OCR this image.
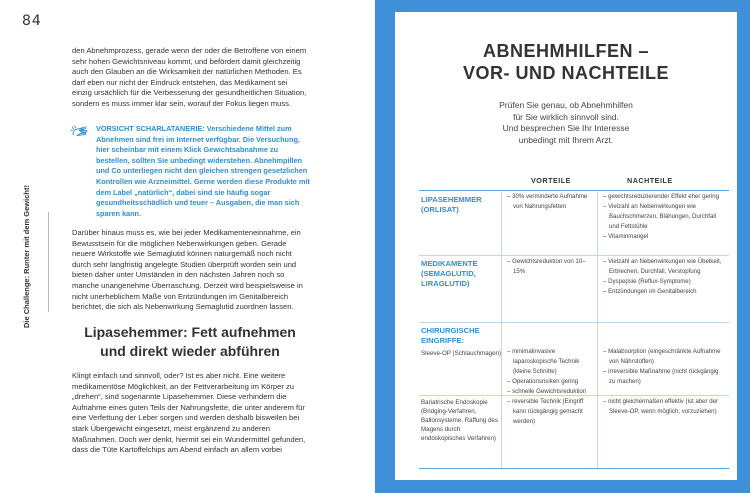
84
Die Challenge: Runter mit dem Gewicht!

den Abnehmprozess, gerade wenn der oder die Betroffene von einem sehr hohen Gewichtsniveau kommt, und befördert damit gleichzeitig auch den Glauben an die Wirksamkeit der natürlichen Methoden. Es darf eben nur nicht der Eindruck entstehen, das Medikament sei einzig ursächlich für die Verbesserung der gesundheitlichen Situation, sondern es muss immer klar sein, worauf der Fokus liegen muss.

VORSICHT SCHARLATANERIE: Verschiedene Mittel zum Abnehmen sind frei im Internet verfügbar. Die Versuchung, hier scheinbar mit einem Klick Gewichtsabnahme zu bestellen, sollten Sie unbedingt widerstehen. Abnehmpillen und Co unterliegen nicht den gleichen strengen gesetzlichen Kontrollen wie Arzneimittel. Gerne werden diese Produkte mit dem Label „natürlich“, dabei sind sie häufig sogar gesundheitsschädlich und teuer – Ausgaben, die man sich sparen kann.

Darüber hinaus muss es, wie bei jeder Medikamenteneinnahme, ein Bewusstsein für die möglichen Nebenwirkungen geben. Gerade neuere Wirkstoffe wie Semaglutid können naturgemäß noch nicht durch sehr langfristig angelegte Studien überprüft worden sein und bieten daher unter Umständen in den nächsten Jahren noch so manche unangenehme Überraschung. Derzeit wird beispielsweise in nicht unerheblichem Maße von Entzündungen im Genitalbereich berichtet, die sich als Nebenwirkung Semaglutid zuordnen lassen.

Lipasehemmer: Fett aufnehmen
und direkt wieder abführen

Klingt einfach und sinnvoll, oder? Ist es aber nicht. Eine weitere medikamentöse Möglichkeit, an der Fettverarbeitung im Körper zu „drehen“, sind sogenannte Lipasehemmer. Diese verhindern die Aufnahme eines guten Teils der Nahrungsfette, die unter anderem für eine Verfettung der Leber sorgen und werden deshalb bisweilen bei stark Übergewicht eingesetzt, meist ergänzend zu anderen Maßnahmen. Doch wer denkt, hiermit sei ein Wundermittel gefunden, dass die Tüte Kartoffelchips am Abend einfach an allem vorbei

ABNEHMHILFEN –
VOR- UND NACHTEILE
Prüfen Sie genau, ob Abnehmhilfen
für Sie wirklich sinnvoll sind.
Und besprechen Sie Ihr Interesse
unbedingt mit Ihrem Arzt.
VORTEILE	NACHTEILE
LIPASEHEMMER
(ORLISAT)
– 30% verminderte Aufnahme von Nahrungsfetten
– gewichtsreduzierender Effekt eher gering
– Vielzahl an Nebenwirkungen wie Bauchschmerzen, Blähungen, Durchfall und Fettstühle
– Vitaminmangel
MEDIKAMENTE
(SEMAGLUTID,
LIRAGLUTID)
– Gewichtsreduktion von 10–15%
– Vielzahl an Nebenwirkungen wie Übelkeit, Erbrechen, Durchfall, Verstopfung
– Dyspepsie (Reflux-Symptome)
– Entzündungen im Genitalbereich
CHIRURGISCHE
EINGRIFFE:
Sleeve-OP (Schlauchmagen) – minimalinvasive laparoskopische Technik (kleine Schnitte)
– Operationsrisiken gering
– schnelle Gewichtsreduktion
– Malabsorption (eingeschränkte Aufnahme von Nährstoffen)
– irreversible Maßnahme (nicht rückgängig zu machen)
Bariatrische Endoskopie (Bridging-Verfahren, Ballonsysteme, Raffung des Magens durch endoskopisches Verfahren)
– reversible Technik (Eingriff kann rückgängig gemacht werden)
– nicht gleichermaßen effektiv (ist aber der Sleeve-OP, wenn möglich, vorzuziehen)
